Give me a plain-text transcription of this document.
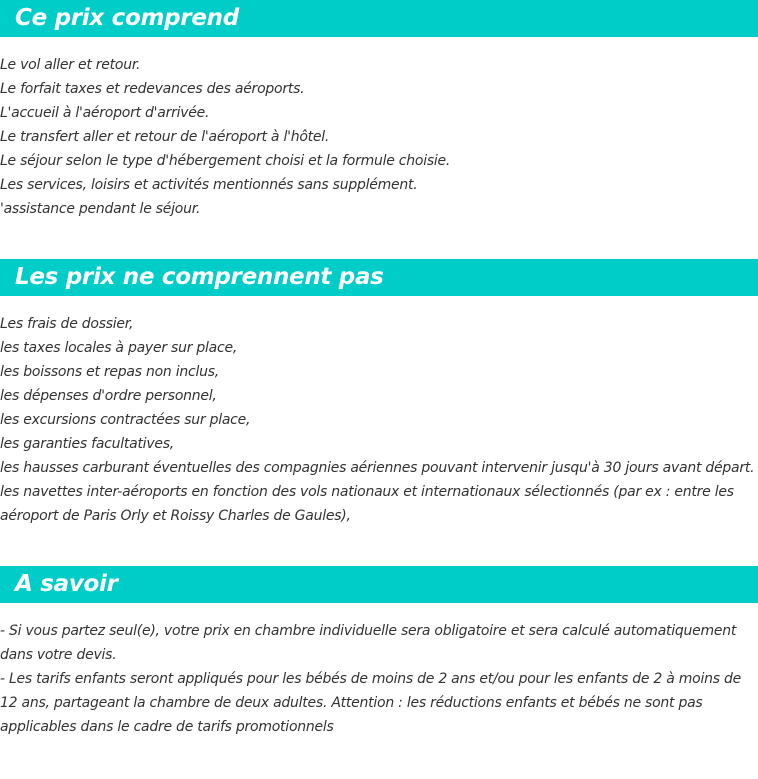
Ce prix comprend
Le vol aller et retour.
Le forfait taxes et redevances des aéroports.
L'accueil à l'aéroport d'arrivée.
Le transfert aller et retour de l'aéroport à l'hôtel.
Le séjour selon le type d'hébergement choisi et la formule choisie.
Les services, loisirs et activités mentionnés sans supplément.
'assistance pendant le séjour.
Les prix ne comprennent pas
Les frais de dossier,
les taxes locales à payer sur place,
les boissons et repas non inclus,
les dépenses d'ordre personnel,
les excursions contractées sur place,
les garanties facultatives,
les hausses carburant éventuelles des compagnies aériennes pouvant intervenir jusqu'à 30 jours avant départ.
les navettes inter-aéroports en fonction des vols nationaux et internationaux sélectionnés (par ex : entre les aéroport de Paris Orly et Roissy Charles de Gaules),
A savoir

- Si vous partez seul(e), votre prix en chambre individuelle sera obligatoire et sera calculé automatiquement dans votre devis.

- Les tarifs enfants seront appliqués pour les bébés de moins de 2 ans et/ou pour les enfants de 2 à moins de 12 ans, partageant la chambre de deux adultes. Attention : les réductions enfants et bébés ne sont pas applicables dans le cadre de tarifs promotionnels
